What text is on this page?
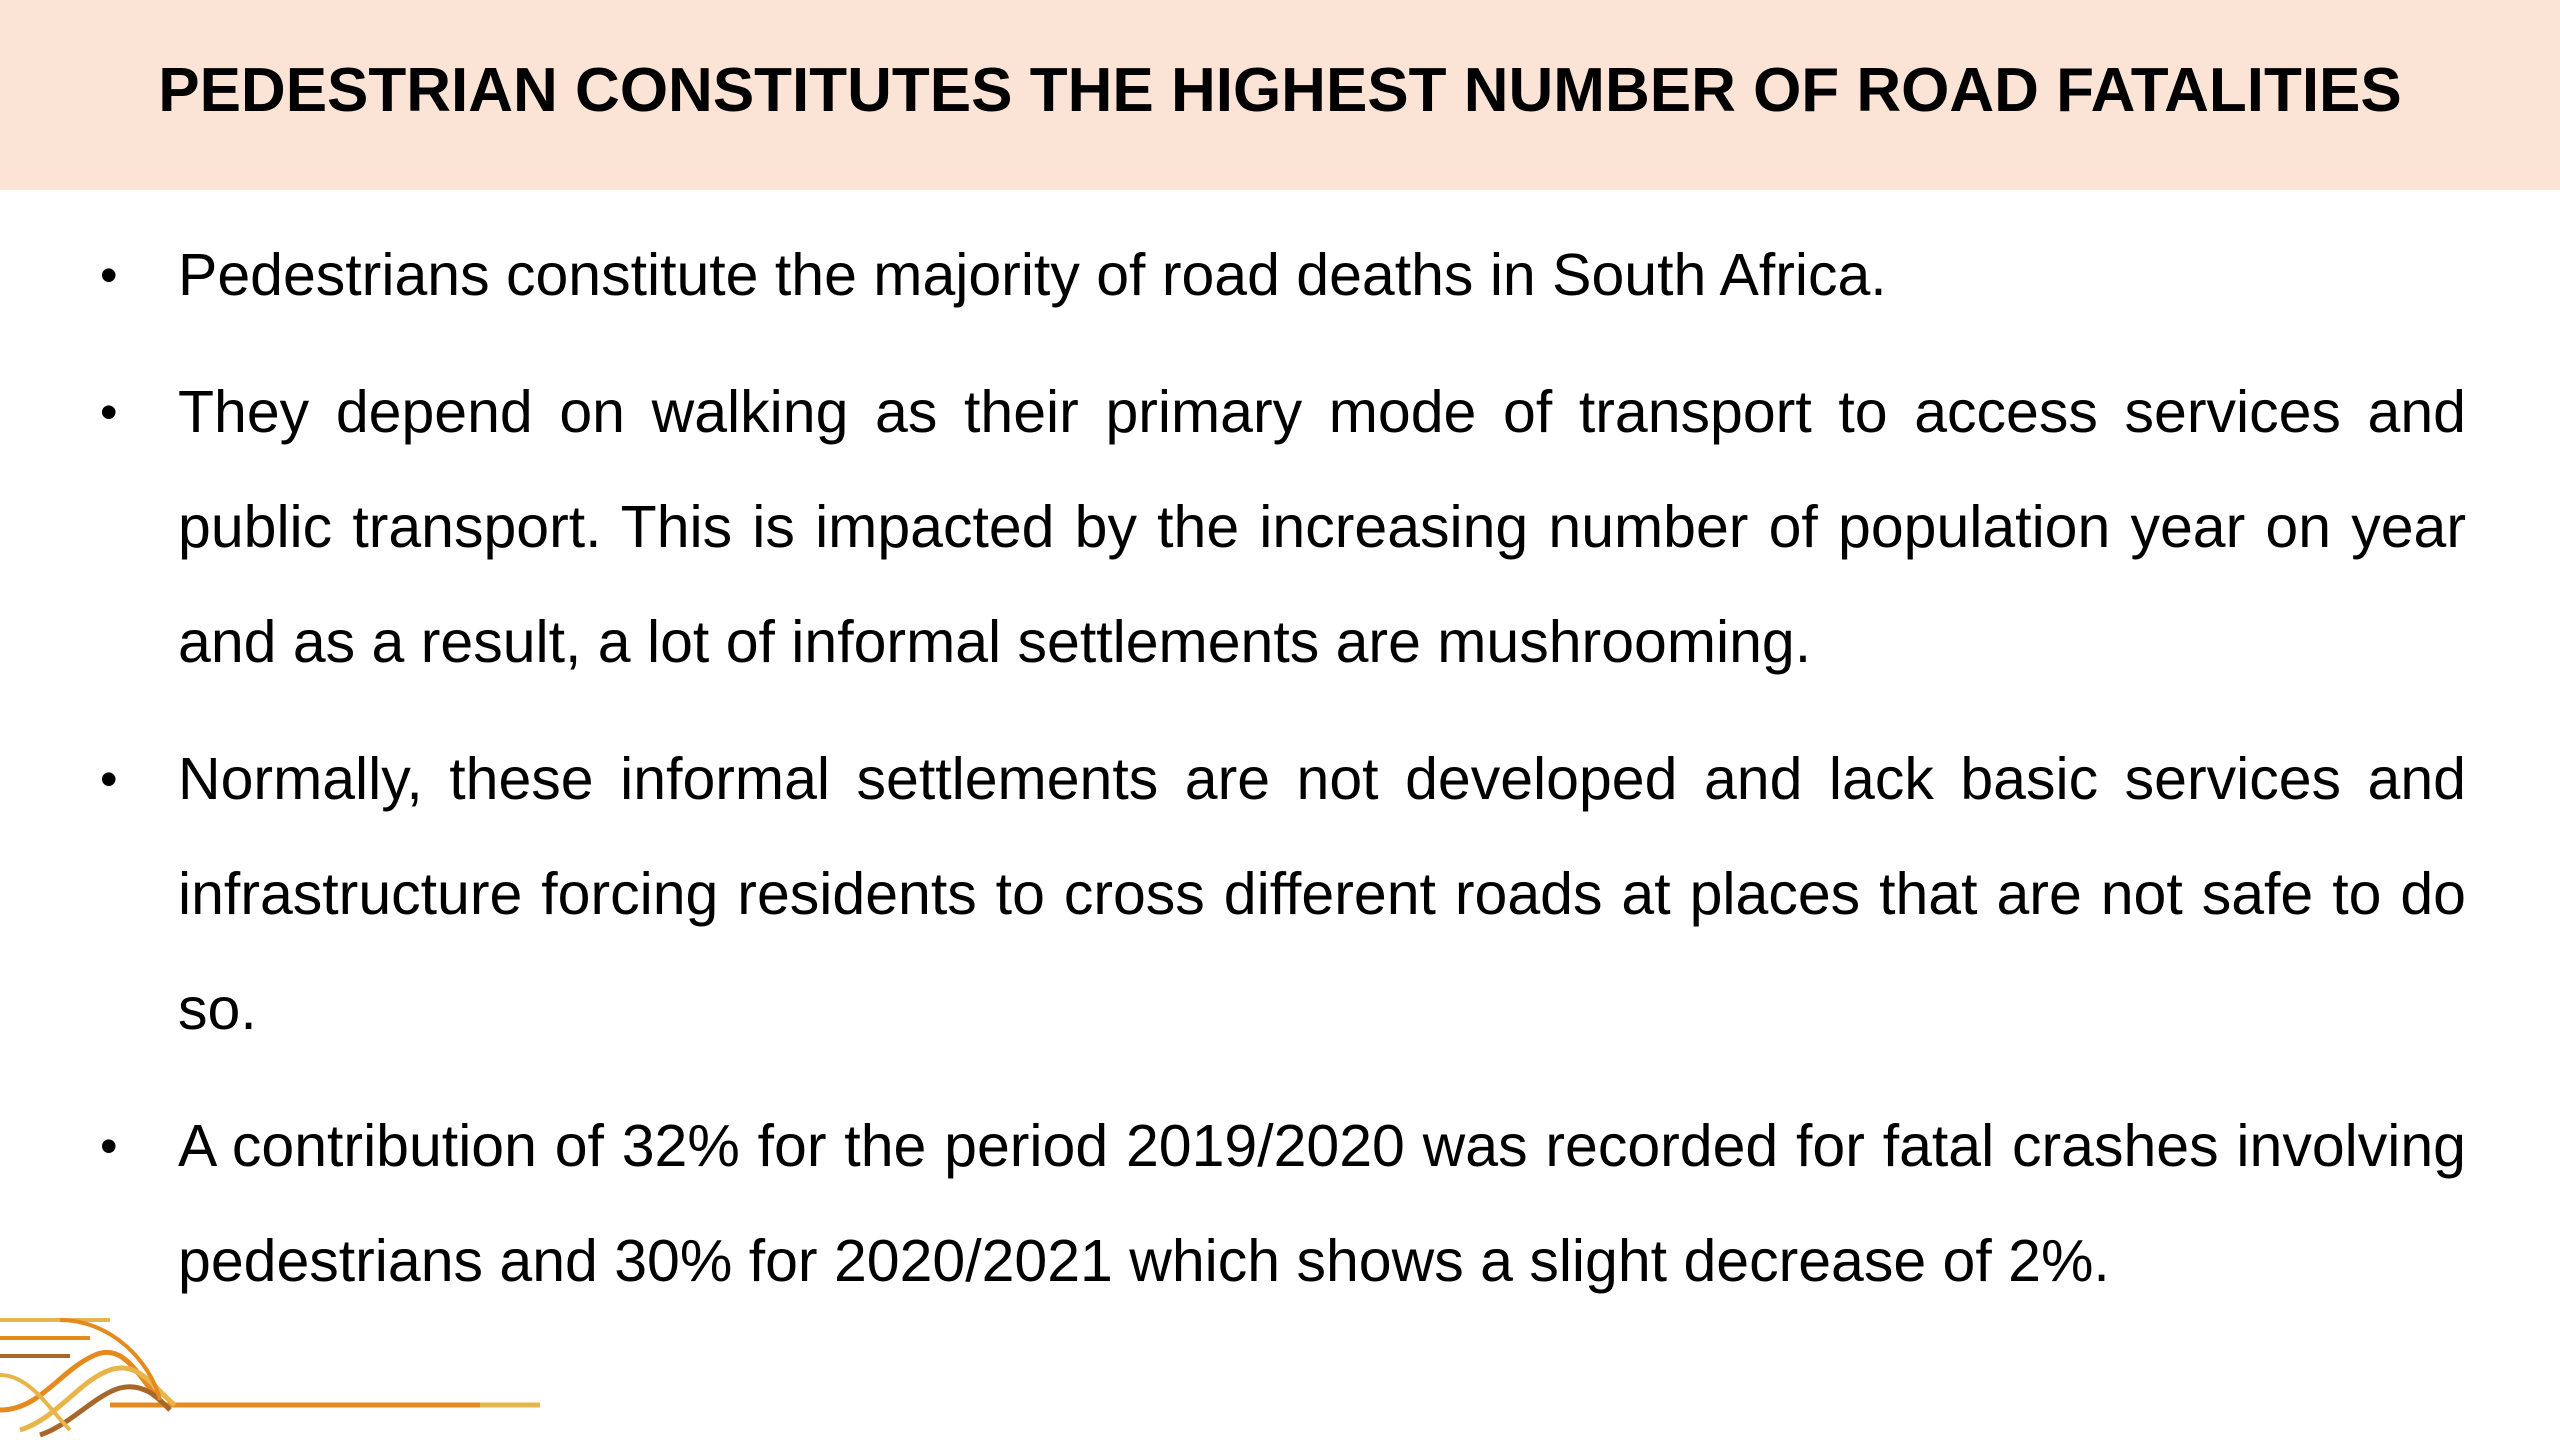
PEDESTRIAN CONSTITUTES THE HIGHEST NUMBER OF ROAD FATALITIES
• Pedestrians constitute the majority of road deaths in South Africa.
• They depend on walking as their primary mode of transport to access services and public transport. This is impacted by the increasing number of population year on year and as a result, a lot of informal settlements are mushrooming.
• Normally, these informal settlements are not developed and lack basic services and infrastructure forcing residents to cross different roads at places that are not safe to do so.
• A contribution of 32% for the period 2019/2020 was recorded for fatal crashes involving pedestrians and 30% for 2020/2021 which shows a slight decrease of 2%.
